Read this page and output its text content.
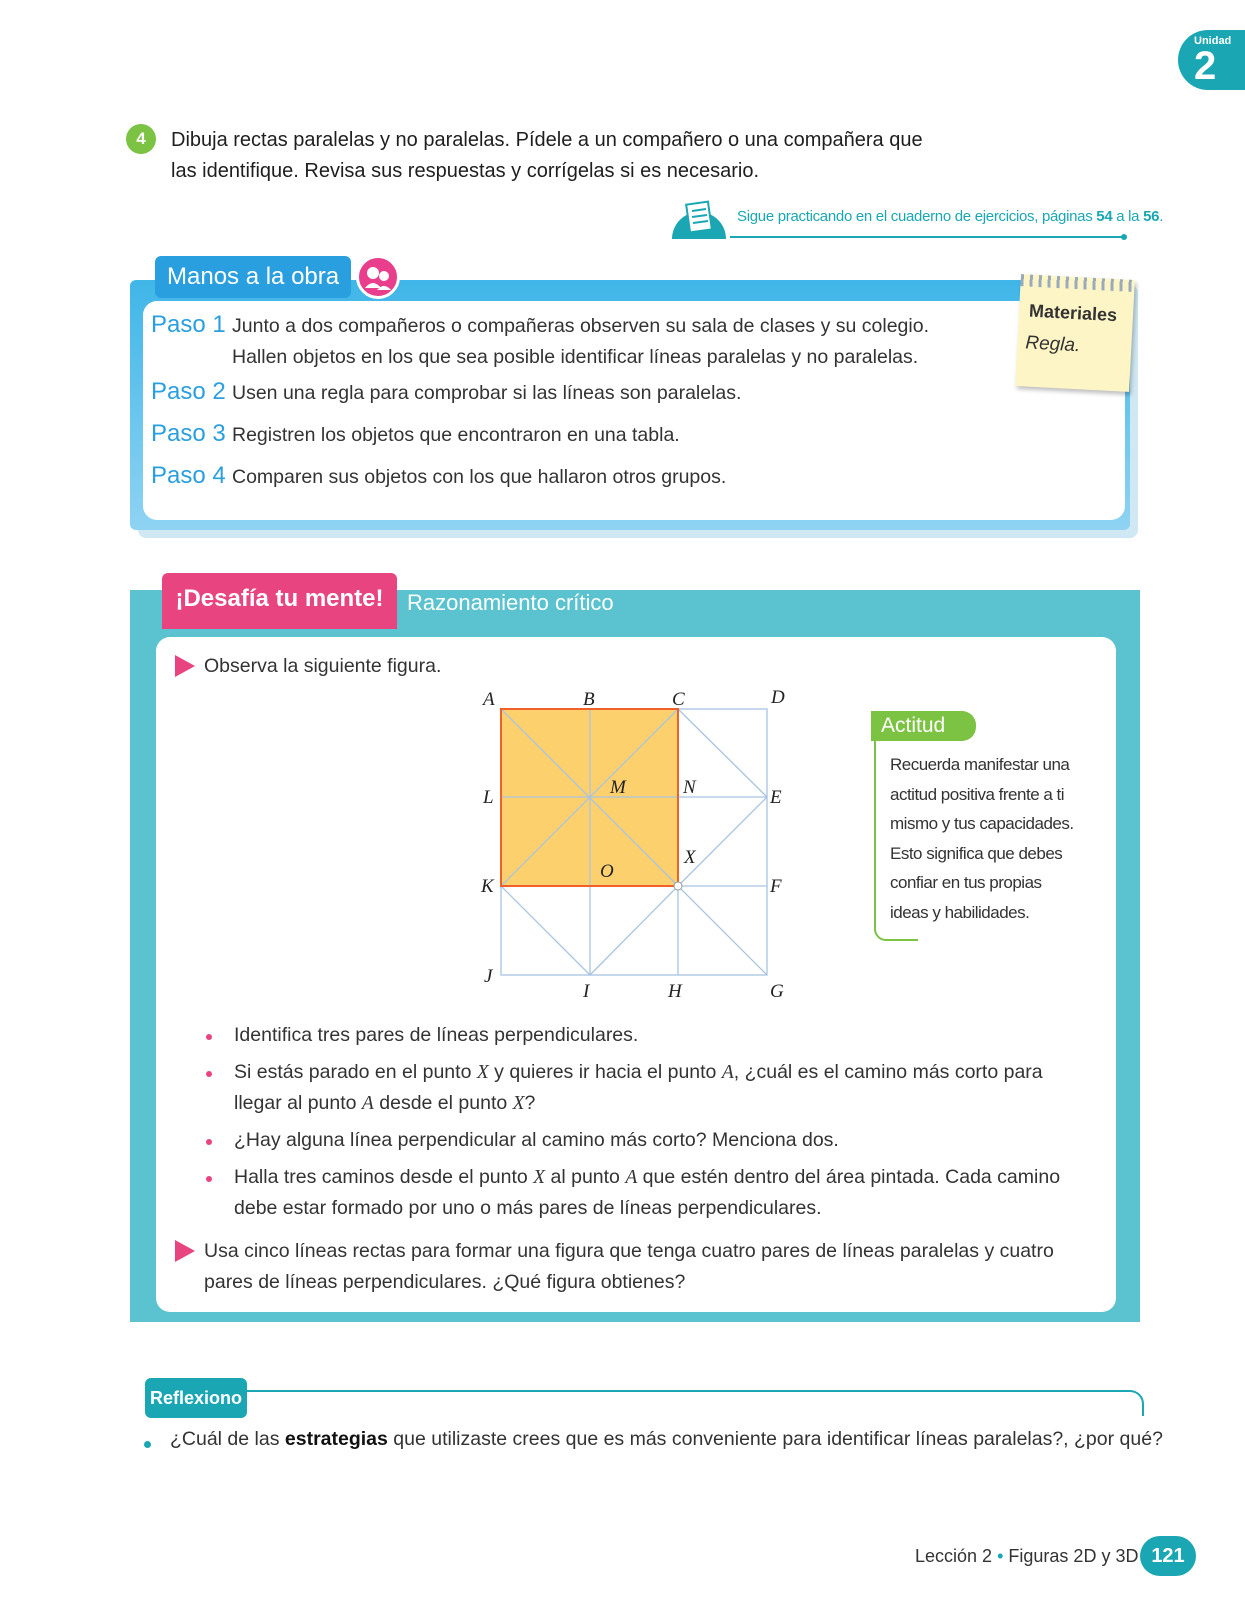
Unidad
2
4	Dibuja rectas paralelas y no paralelas. Pídele a un compañero o una compañera que
las identifique. Revisa sus respuestas y corrígelas si es necesario.
Sigue practicando en el cuaderno de ejercicios, páginas 54 a la 56.
Manos a la obra
Paso 1 Junto a dos compañeros o compañeras observen su sala de clases y su colegio.
Hallen objetos en los que sea posible identificar líneas paralelas y no paralelas.
Paso 2 Usen una regla para comprobar si las líneas son paralelas.
Paso 3 Registren los objetos que encontraron en una tabla.
Paso 4 Comparen sus objetos con los que hallaron otros grupos.
Materiales
Regla.
¡Desafía tu mente!	Razonamiento crítico
Observa la siguiente figura.
A	B	C	D
E
F
G
H
I
J
K
L	M	N
O
X
Actitud
Recuerda manifestar una
actitud positiva frente a ti
mismo y tus capacidades.
Esto significa que debes
confiar en tus propias
ideas y habilidades.
Identifica tres pares de líneas perpendiculares.
Si estás parado en el punto X y quieres ir hacia el punto A, ¿cuál es el camino más corto para
llegar al punto A desde el punto X?
¿Hay alguna línea perpendicular al camino más corto? Menciona dos.
Halla tres caminos desde el punto X al punto A que estén dentro del área pintada. Cada camino
debe estar formado por uno o más pares de líneas perpendiculares.
Usa cinco líneas rectas para formar una figura que tenga cuatro pares de líneas paralelas y cuatro
pares de líneas perpendiculares. ¿Qué figura obtienes?
Reflexiono
¿Cuál de las estrategias que utilizaste crees que es más conveniente para identificar líneas paralelas?, ¿por qué?
Lección 2 • Figuras 2D y 3D 121
